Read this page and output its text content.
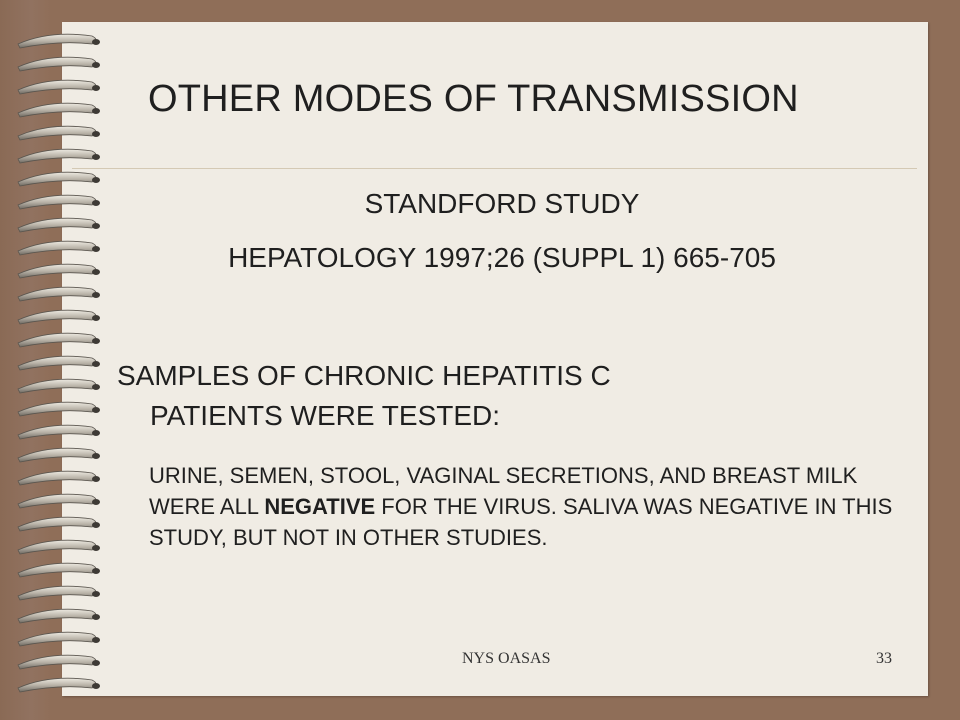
OTHER MODES OF TRANSMISSION
STANDFORD STUDY
HEPATOLOGY 1997;26 (SUPPL 1) 665-705
SAMPLES OF CHRONIC HEPATITIS C
PATIENTS WERE TESTED:
URINE, SEMEN, STOOL, VAGINAL SECRETIONS, AND BREAST MILK WERE ALL NEGATIVE FOR THE VIRUS. SALIVA WAS NEGATIVE IN THIS STUDY, BUT NOT IN OTHER STUDIES.
NYS OASAS	33
